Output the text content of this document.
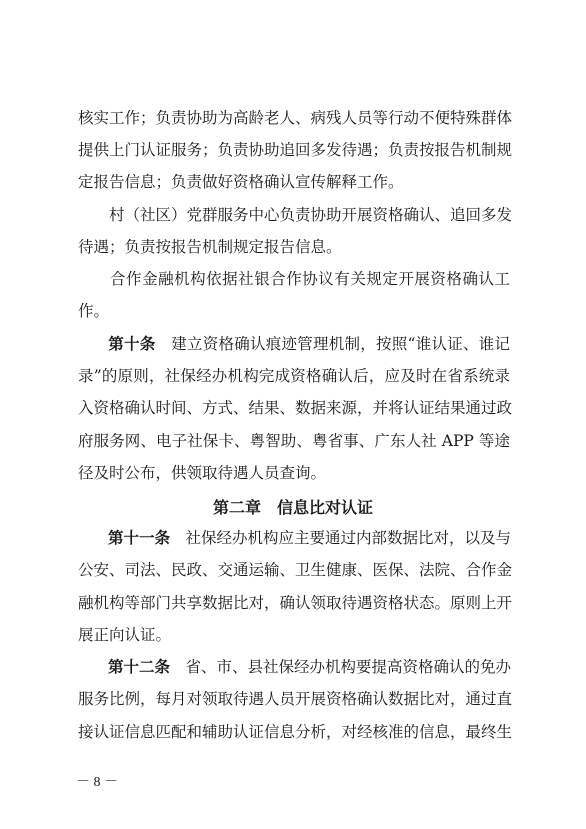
核实工作；负责协助为高龄老人、病残人员等行动不便特殊群体
提供上门认证服务；负责协助追回多发待遇；负责按报告机制规
定报告信息；负责做好资格确认宣传解释工作。
　　村（社区）党群服务中心负责协助开展资格确认、追回多发
待遇；负责按报告机制规定报告信息。
　　合作金融机构依据社银合作协议有关规定开展资格确认工
作。
第十条　建立资格确认痕迹管理机制，按照“谁认证、谁记
录”的原则，社保经办机构完成资格确认后，应及时在省系统录
入资格确认时间、方式、结果、数据来源，并将认证结果通过政
府服务网、电子社保卡、粤智助、粤省事、广东人社 APP 等途
径及时公布，供领取待遇人员查询。
第二章　信息比对认证
第十一条　社保经办机构应主要通过内部数据比对，以及与
公安、司法、民政、交通运输、卫生健康、医保、法院、合作金
融机构等部门共享数据比对，确认领取待遇资格状态。原则上开
展正向认证。
第十二条　省、市、县社保经办机构要提高资格确认的免办
服务比例，每月对领取待遇人员开展资格确认数据比对，通过直
接认证信息匹配和辅助认证信息分析，对经核准的信息，最终生
－ 8 －
